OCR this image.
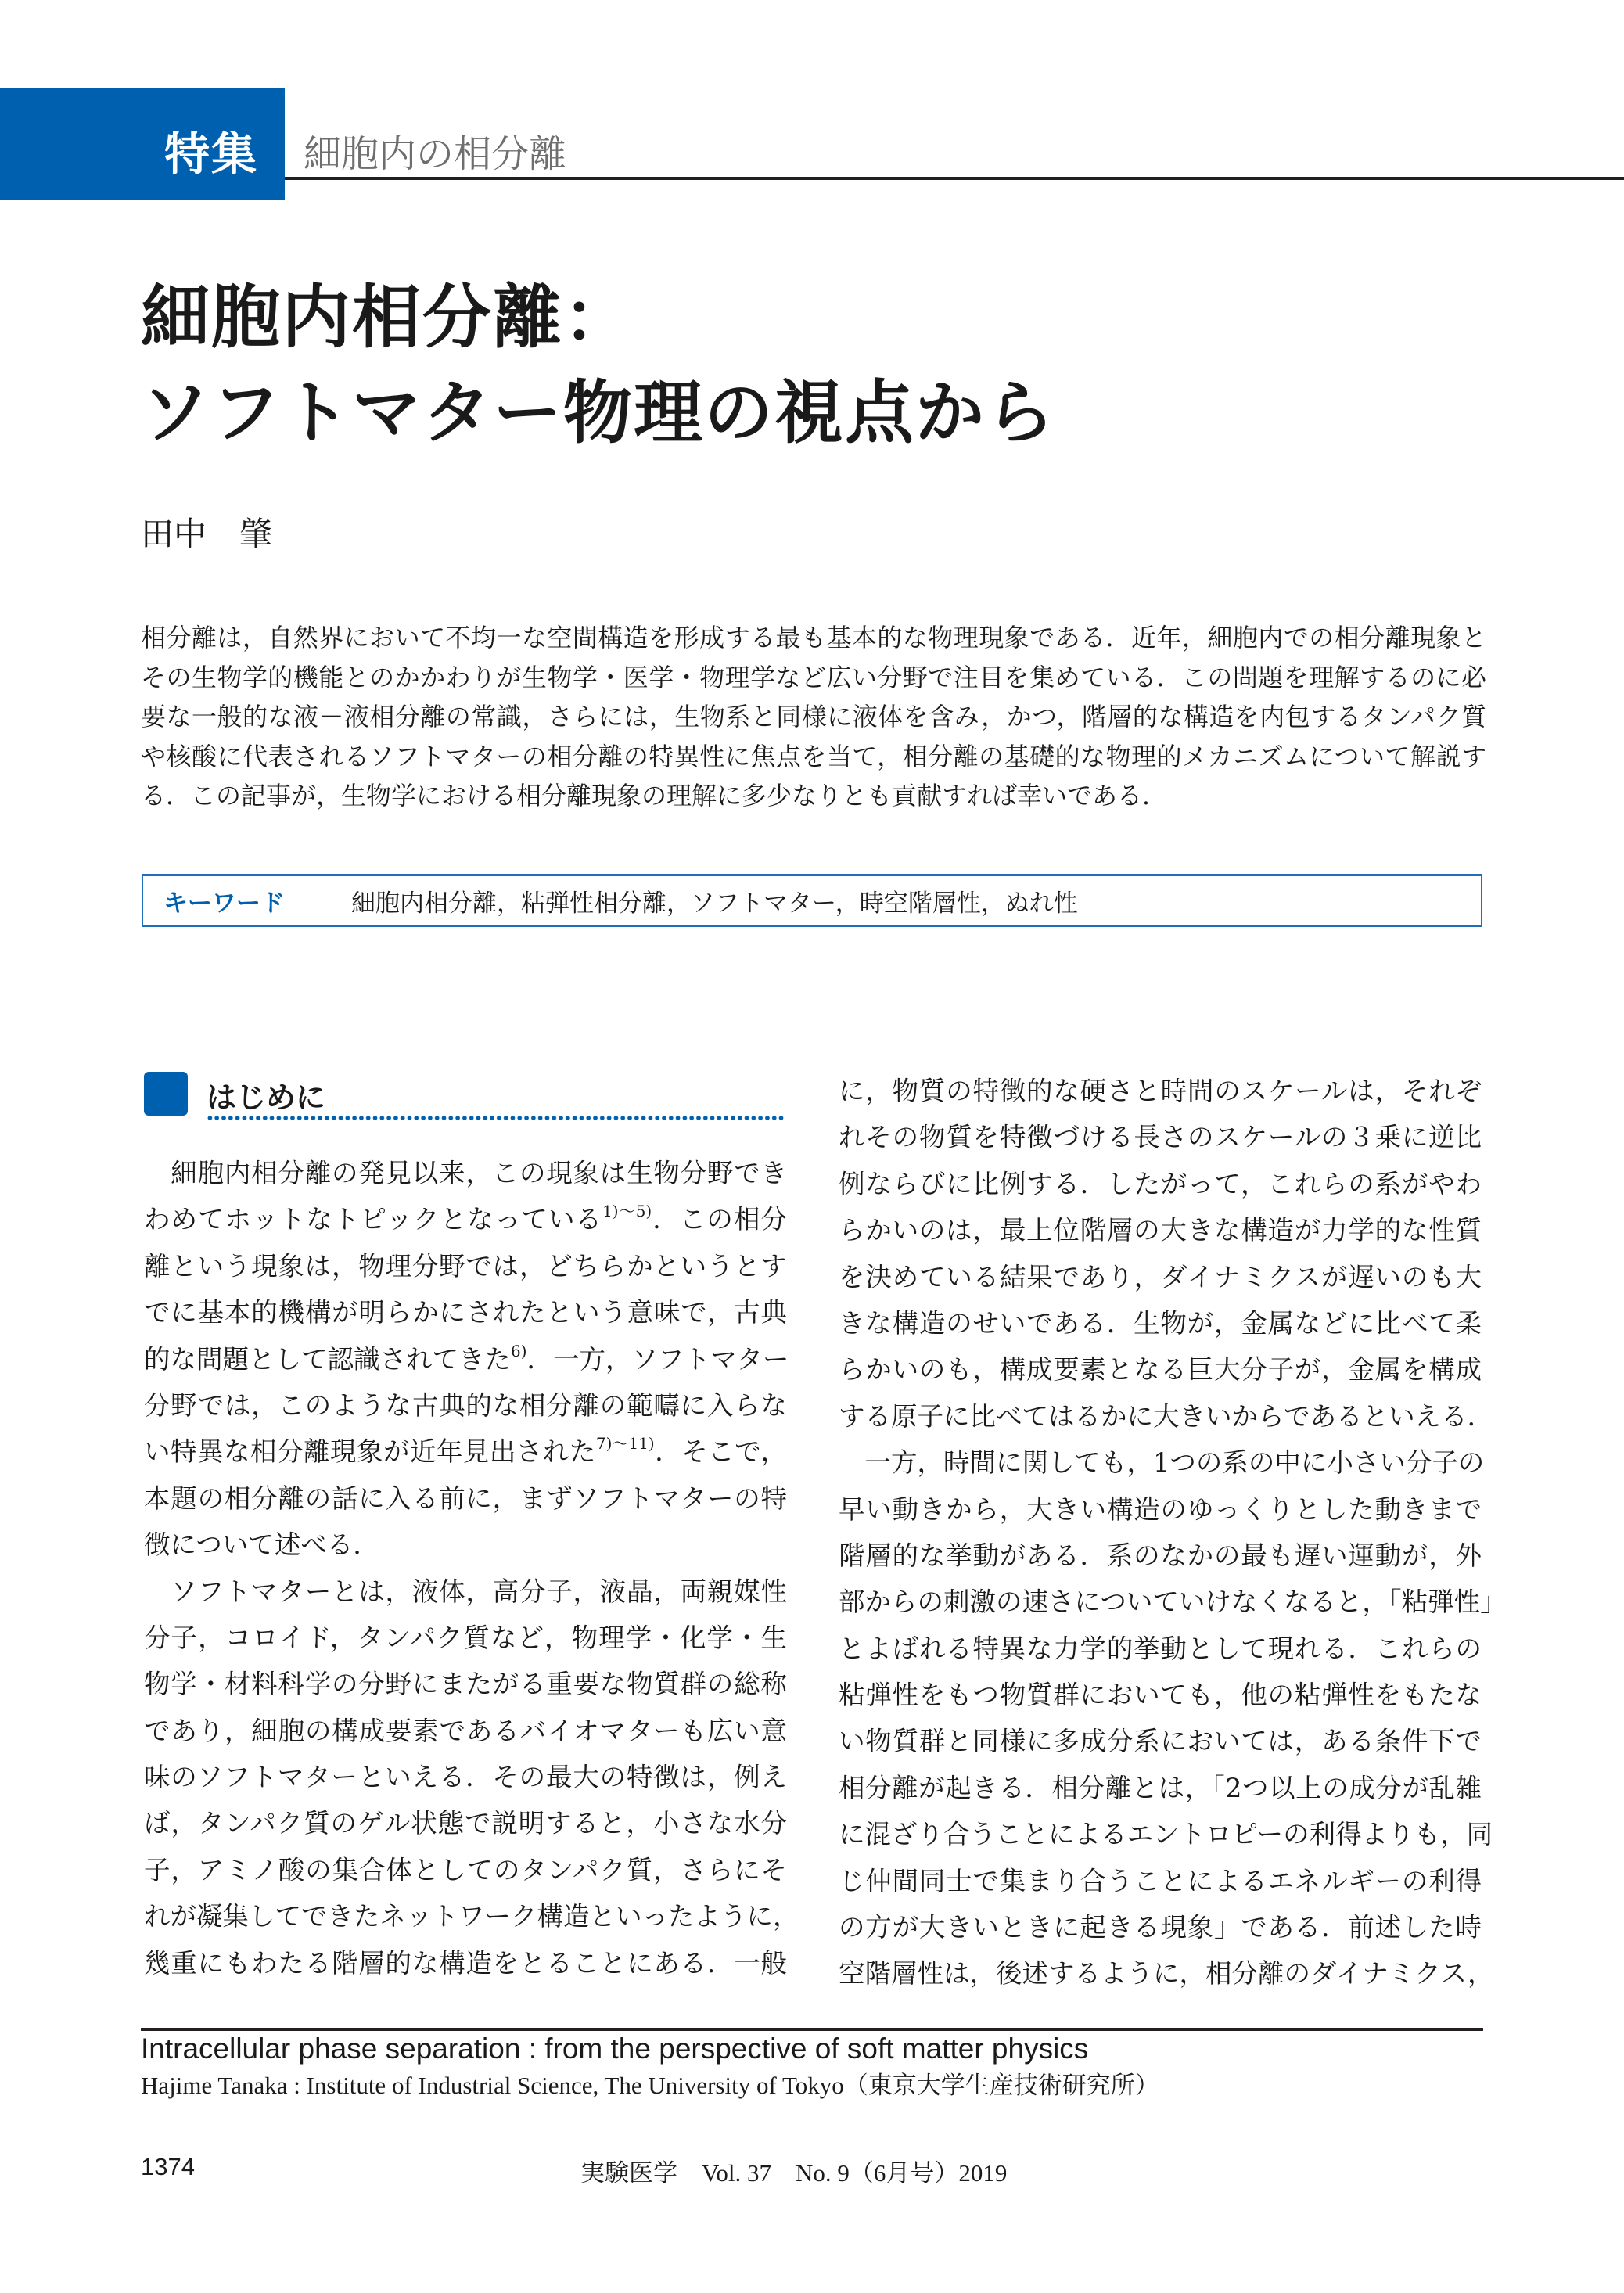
特集 細胞内の相分離
細胞内相分離：
ソフトマター物理の視点から
田中　肇

相分離は，自然界において不均一な空間構造を形成する最も基本的な物理現象である．近年，細胞内での相分離現象とその生物学的機能とのかかわりが生物学・医学・物理学など広い分野で注目を集めている．この問題を理解するのに必要な一般的な液－液相分離の常識，さらには，生物系と同様に液体を含み，かつ，階層的な構造を内包するタンパク質や核酸に代表されるソフトマターの相分離の特異性に焦点を当て，相分離の基礎的な物理的メカニズムについて解説する．この記事が，生物学における相分離現象の理解に多少なりとも貢献すれば幸いである．

キーワード	細胞内相分離，粘弾性相分離，ソフトマター，時空階層性，ぬれ性
はじめに
　細胞内相分離の発見以来，この現象は生物分野でき
わめてホットなトピックとなっている$^{1)\sim 5)}$．この相分
離という現象は，物理分野では，どちらかというとす
でに基本的機構が明らかにされたという意味で，古典
的な問題として認識されてきた$^{6)}$．一方，ソフトマター
分野では，このような古典的な相分離の範疇に入らな
い特異な相分離現象が近年見出された$^{7)\sim 11)}$．そこで，
本題の相分離の話に入る前に，まずソフトマターの特
徴について述べる．
　ソフトマターとは，液体，高分子，液晶，両親媒性
分子，コロイド，タンパク質など，物理学・化学・生
物学・材料科学の分野にまたがる重要な物質群の総称
であり，細胞の構成要素であるバイオマターも広い意
味のソフトマターといえる．その最大の特徴は，例え
ば，タンパク質のゲル状態で説明すると，小さな水分
子，アミノ酸の集合体としてのタンパク質，さらにそ
れが凝集してできたネットワーク構造といったように，
幾重にもわたる階層的な構造をとることにある．一般
に，物質の特徴的な硬さと時間のスケールは，それぞ
れその物質を特徴づける長さのスケールの３乗に逆比
例ならびに比例する．したがって，これらの系がやわ
らかいのは，最上位階層の大きな構造が力学的な性質
を決めている結果であり，ダイナミクスが遅いのも大
きな構造のせいである．生物が，金属などに比べて柔
らかいのも，構成要素となる巨大分子が，金属を構成
する原子に比べてはるかに大きいからであるといえる．
　一方，時間に関しても，1つの系の中に小さい分子の
早い動きから，大きい構造のゆっくりとした動きまで
階層的な挙動がある．系のなかの最も遅い運動が，外
部からの刺激の速さについていけなくなると，「粘弾性」
とよばれる特異な力学的挙動として現れる．これらの
粘弾性をもつ物質群においても，他の粘弾性をもたな
い物質群と同様に多成分系においては，ある条件下で
相分離が起きる．相分離とは，「2つ以上の成分が乱雑
に混ざり合うことによるエントロピーの利得よりも，同
じ仲間同士で集まり合うことによるエネルギーの利得
の方が大きいときに起きる現象」である．前述した時
空階層性は，後述するように，相分離のダイナミクス，
Intracellular phase separation : from the perspective of soft matter physics
Hajime Tanaka : Institute of Industrial Science, The University of Tokyo（東京大学生産技術研究所）
1374	実験医学　Vol. 37　No. 9（6月号）2019
